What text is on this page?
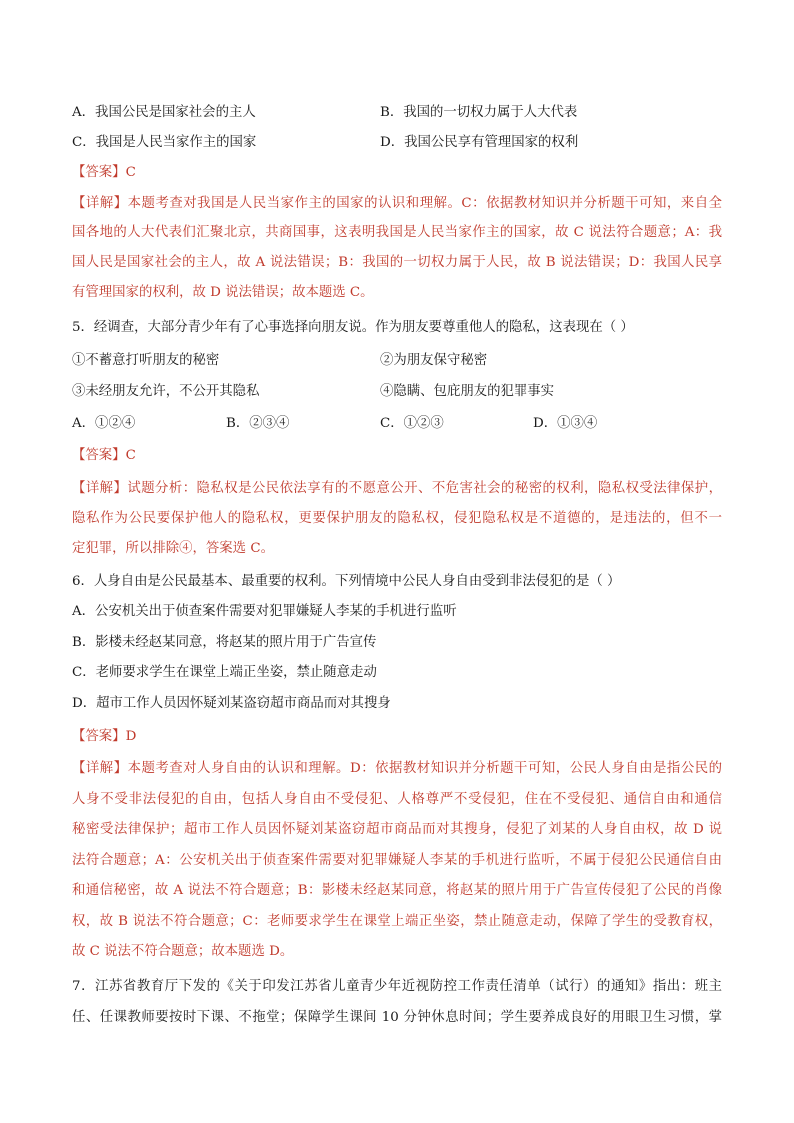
A．我国公民是国家社会的主人	B．我国的一切权力属于人大代表
C．我国是人民当家作主的国家	D．我国公民享有管理国家的权利
【答案】C
【详解】本题考查对我国是人民当家作主的国家的认识和理解。C：依据教材知识并分析题干可知，来自全
国各地的人大代表们汇聚北京，共商国事，这表明我国是人民当家作主的国家，故 C 说法符合题意；A：我
国人民是国家社会的主人，故 A 说法错误；B：我国的一切权力属于人民，故 B 说法错误；D：我国人民享
有管理国家的权利，故 D 说法错误；故本题选 C。
5．经调查，大部分青少年有了心事选择向朋友说。作为朋友要尊重他人的隐私，这表现在（ ）
①不蓄意打听朋友的秘密	②为朋友保守秘密
③未经朋友允许，不公开其隐私	④隐瞒、包庇朋友的犯罪事实
A．①②④	B．②③④	C．①②③	D．①③④
【答案】C
【详解】试题分析：隐私权是公民依法享有的不愿意公开、不危害社会的秘密的权利，隐私权受法律保护，
隐私作为公民要保护他人的隐私权，更要保护朋友的隐私权，侵犯隐私权是不道德的，是违法的，但不一
定犯罪，所以排除④，答案选 C。
6．人身自由是公民最基本、最重要的权利。下列情境中公民人身自由受到非法侵犯的是（ ）
A．公安机关出于侦查案件需要对犯罪嫌疑人李某的手机进行监听
B．影楼未经赵某同意，将赵某的照片用于广告宣传
C．老师要求学生在课堂上端正坐姿，禁止随意走动
D．超市工作人员因怀疑刘某盗窃超市商品而对其搜身
【答案】D
【详解】本题考查对人身自由的认识和理解。D：依据教材知识并分析题干可知，公民人身自由是指公民的
人身不受非法侵犯的自由，包括人身自由不受侵犯、人格尊严不受侵犯，住在不受侵犯、通信自由和通信
秘密受法律保护；超市工作人员因怀疑刘某盗窃超市商品而对其搜身，侵犯了刘某的人身自由权，故 D 说
法符合题意；A：公安机关出于侦查案件需要对犯罪嫌疑人李某的手机进行监听，不属于侵犯公民通信自由
和通信秘密，故 A 说法不符合题意；B：影楼未经赵某同意，将赵某的照片用于广告宣传侵犯了公民的肖像
权，故 B 说法不符合题意；C：老师要求学生在课堂上端正坐姿，禁止随意走动，保障了学生的受教育权，
故 C 说法不符合题意；故本题选 D。
7．江苏省教育厅下发的《关于印发江苏省儿童青少年近视防控工作责任清单（试行）的通知》指出：班主
任、任课教师要按时下课、不拖堂；保障学生课间 10 分钟休息时间；学生要养成良好的用眼卫生习惯，掌
